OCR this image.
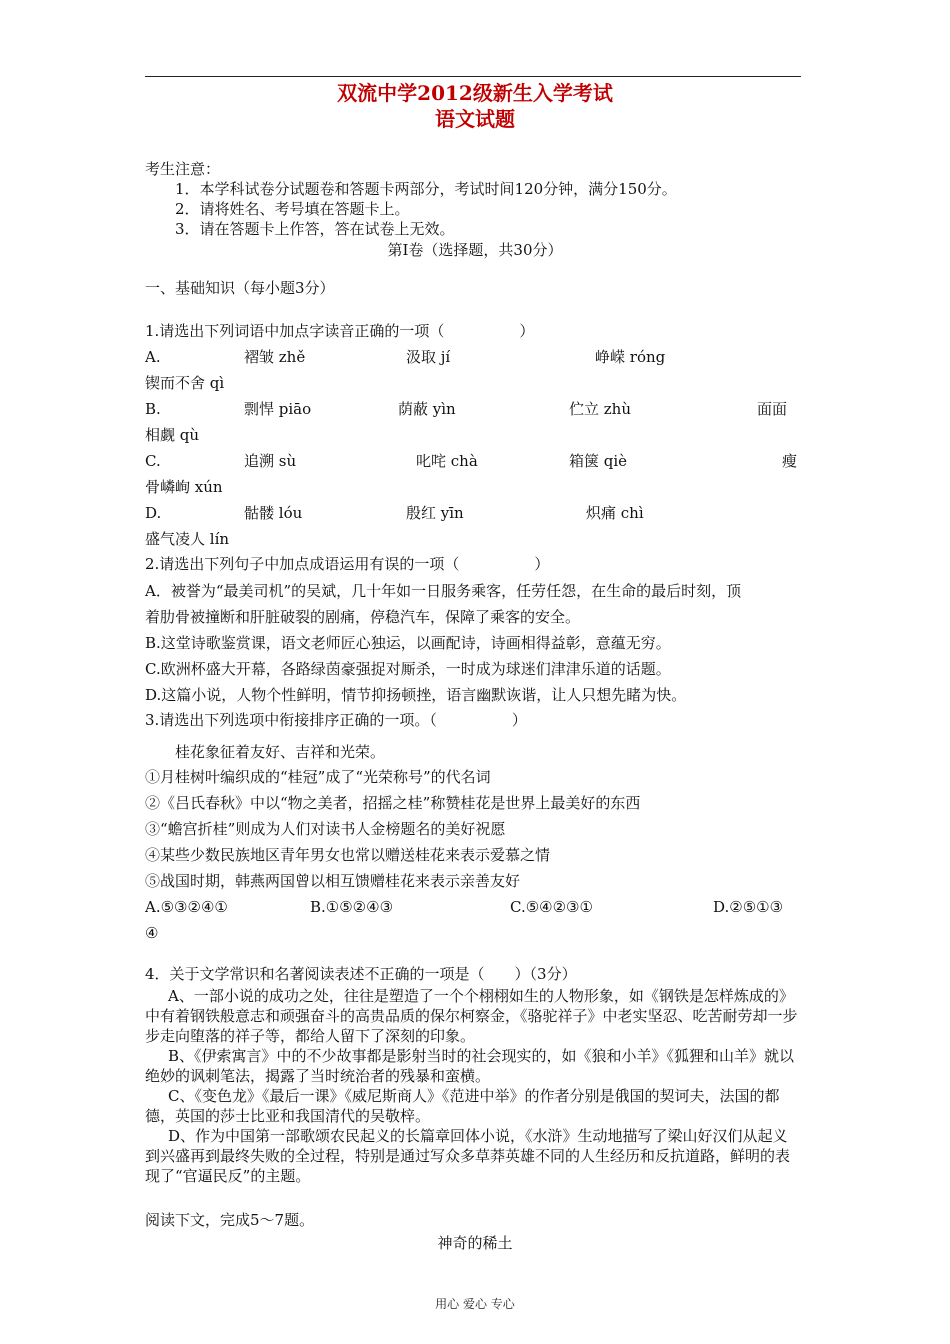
双流中学2012级新生入学考试
语文试题
考生注意：
1．本学科试卷分试题卷和答题卡两部分，考试时间120分钟，满分150分。
2．请将姓名、考号填在答题卡上。
3．请在答题卡上作答，答在试卷上无效。
第Ⅰ卷（选择题，共30分）
一、基础知识（每小题3分）
1.请选出下列词语中加点字读音正确的一项（　　　　　）
A.	褶皱 zhě	汲取 jí	峥嵘 róng
锲而不舍 qì
B.	剽悍 piāo	荫蔽 yìn	伫立 zhù	面面
相觑 qù
C.	追溯 sù	叱咤 chà	箱箧 qiè	瘦
骨嶙峋 xún
D.	骷髅 lóu	殷红 yīn	炽痛 chì
盛气凌人 lín
2.请选出下列句子中加点成语运用有误的一项（　　　　　）
A．被誉为“最美司机”的吴斌，几十年如一日服务乘客，任劳任怨，在生命的最后时刻，顶
着肋骨被撞断和肝脏破裂的剧痛，停稳汽车，保障了乘客的安全。
B.这堂诗歌鉴赏课，语文老师匠心独运，以画配诗，诗画相得益彰，意蕴无穷。
C.欧洲杯盛大开幕，各路绿茵豪强捉对厮杀，一时成为球迷们津津乐道的话题。
D.这篇小说，人物个性鲜明，情节抑扬顿挫，语言幽默诙谐，让人只想先睹为快。
3.请选出下列选项中衔接排序正确的一项。（　　　　　）
桂花象征着友好、吉祥和光荣。
①月桂树叶编织成的“桂冠”成了“光荣称号”的代名词
②《吕氏春秋》中以“物之美者，招摇之桂”称赞桂花是世界上最美好的东西
③“蟾宫折桂”则成为人们对读书人金榜题名的美好祝愿
④某些少数民族地区青年男女也常以赠送桂花来表示爱慕之情
⑤战国时期，韩燕两国曾以相互馈赠桂花来表示亲善友好
A.⑤③②④①	B.①⑤②④③	C.⑤④②③①	D.②⑤①③
④
4．关于文学常识和名著阅读表述不正确的一项是（　　）（3分）
A、一部小说的成功之处，往往是塑造了一个个栩栩如生的人物形象，如《钢铁是怎样炼成的》中有着钢铁般意志和顽强奋斗的高贵品质的保尔柯察金，《骆驼祥子》中老实坚忍、吃苦耐劳却一步步走向堕落的祥子等，都给人留下了深刻的印象。
B、《伊索寓言》中的不少故事都是影射当时的社会现实的，如《狼和小羊》《狐狸和山羊》就以绝妙的讽刺笔法，揭露了当时统治者的残暴和蛮横。
C、《变色龙》《最后一课》《威尼斯商人》《范进中举》的作者分别是俄国的契诃夫，法国的都德，英国的莎士比亚和我国清代的吴敬梓。
D、作为中国第一部歌颂农民起义的长篇章回体小说，《水浒》生动地描写了梁山好汉们从起义到兴盛再到最终失败的全过程，特别是通过写众多草莽英雄不同的人生经历和反抗道路，鲜明的表现了“官逼民反”的主题。
阅读下文，完成5～7题。
神奇的稀土
用心 爱心 专心
